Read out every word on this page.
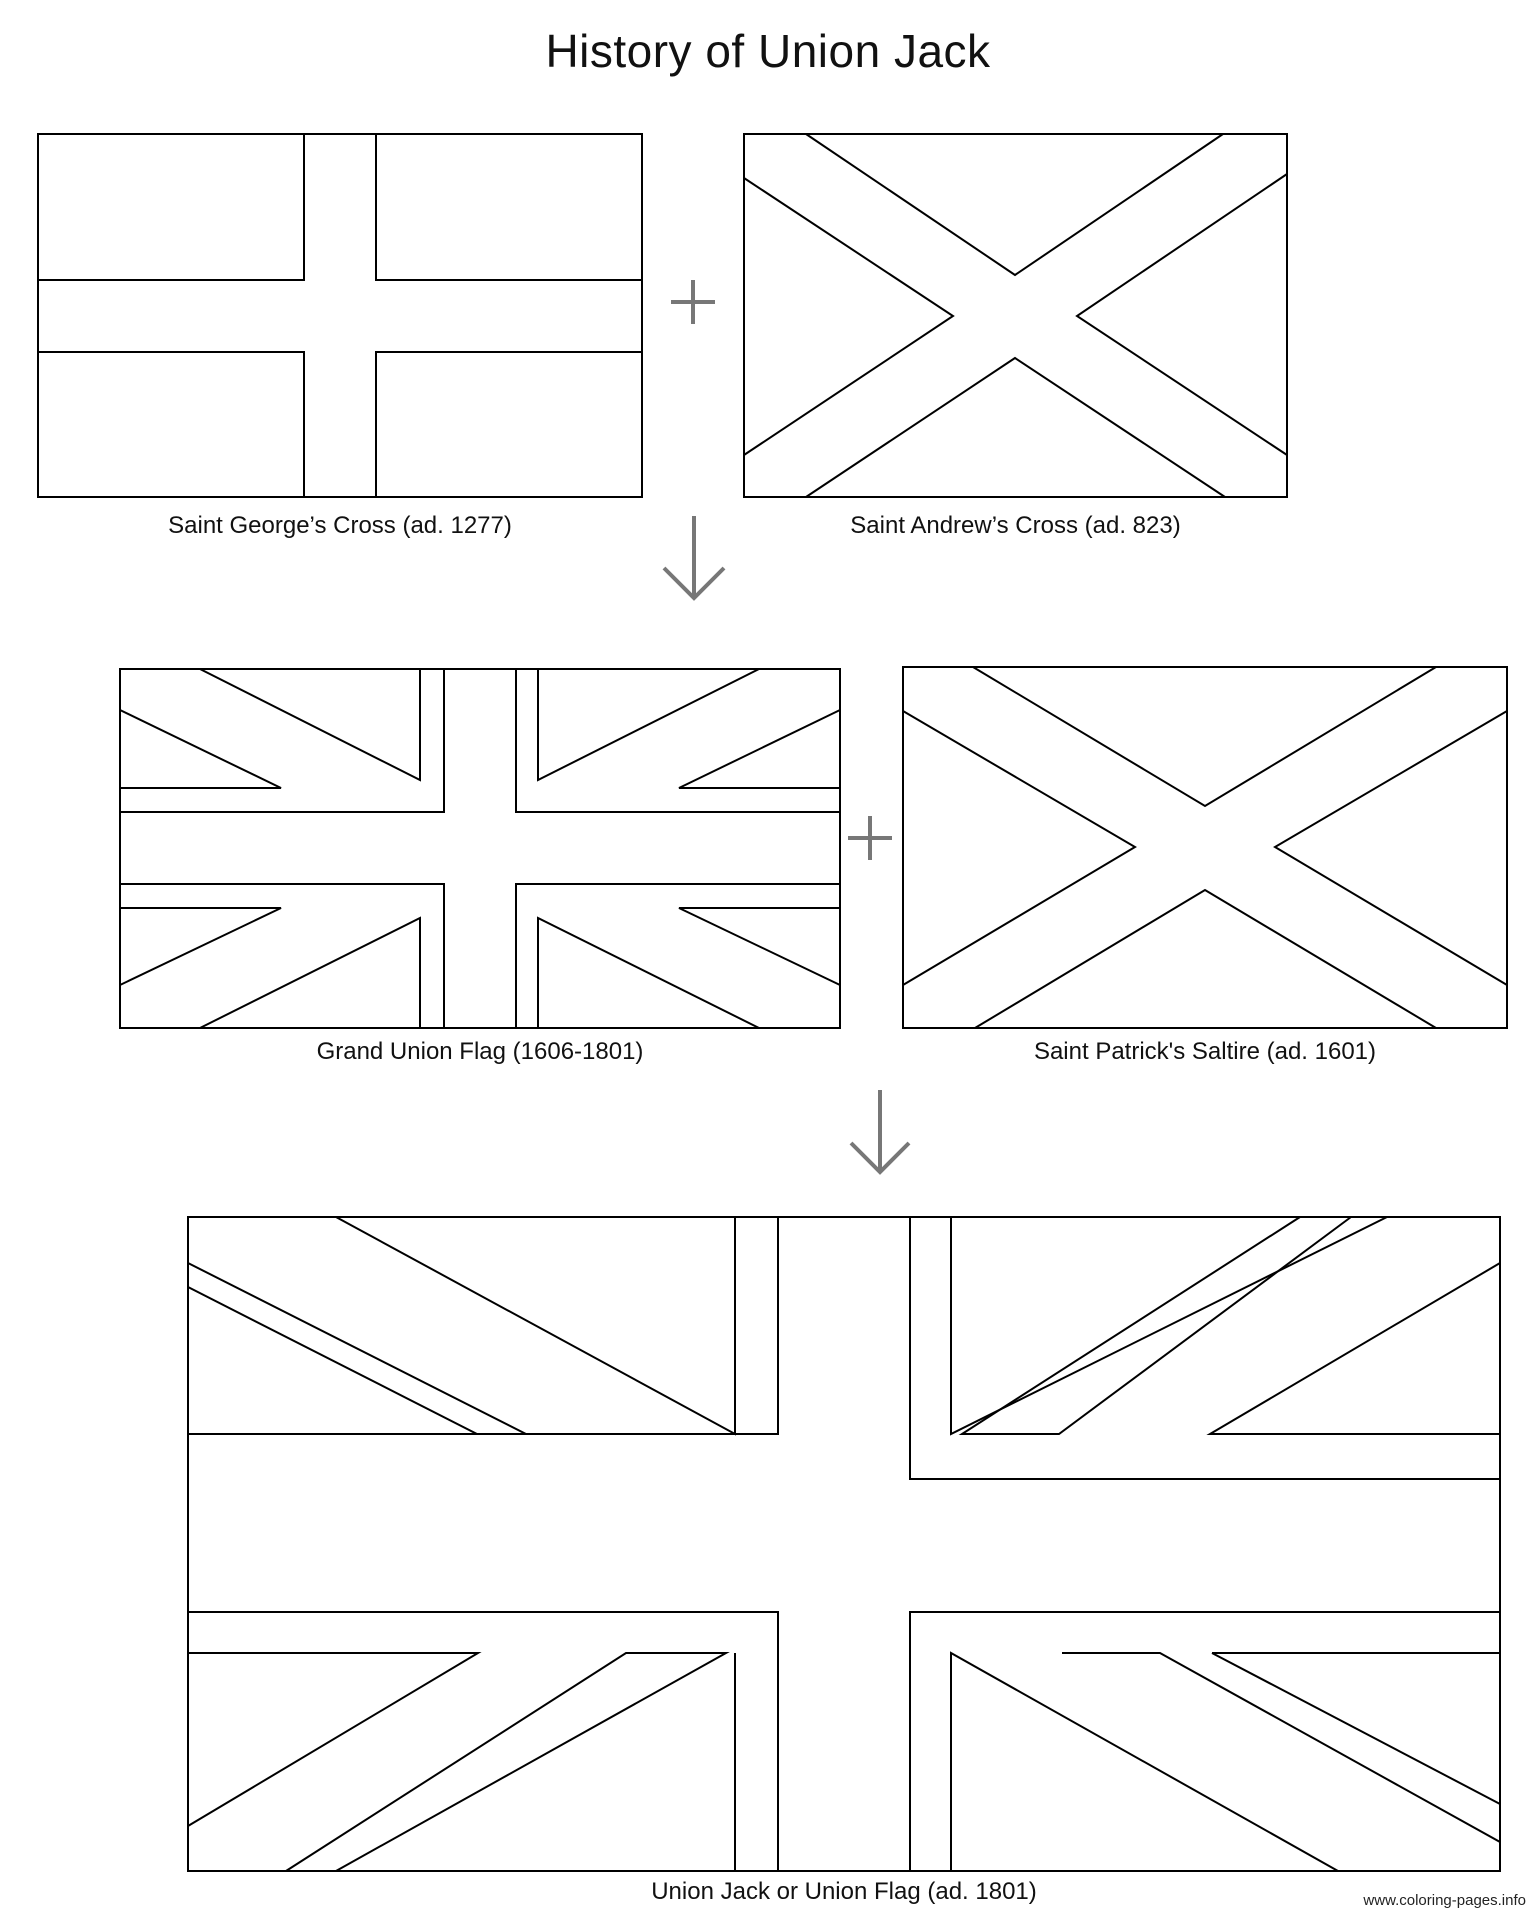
History of Union Jack
Saint George’s Cross (ad. 1277)	Saint Andrew’s Cross (ad. 823)
Grand Union Flag (1606-1801)	Saint Patrick's Saltire (ad. 1601)
Union Jack or Union Flag (ad. 1801)	www.coloring-pages.info
